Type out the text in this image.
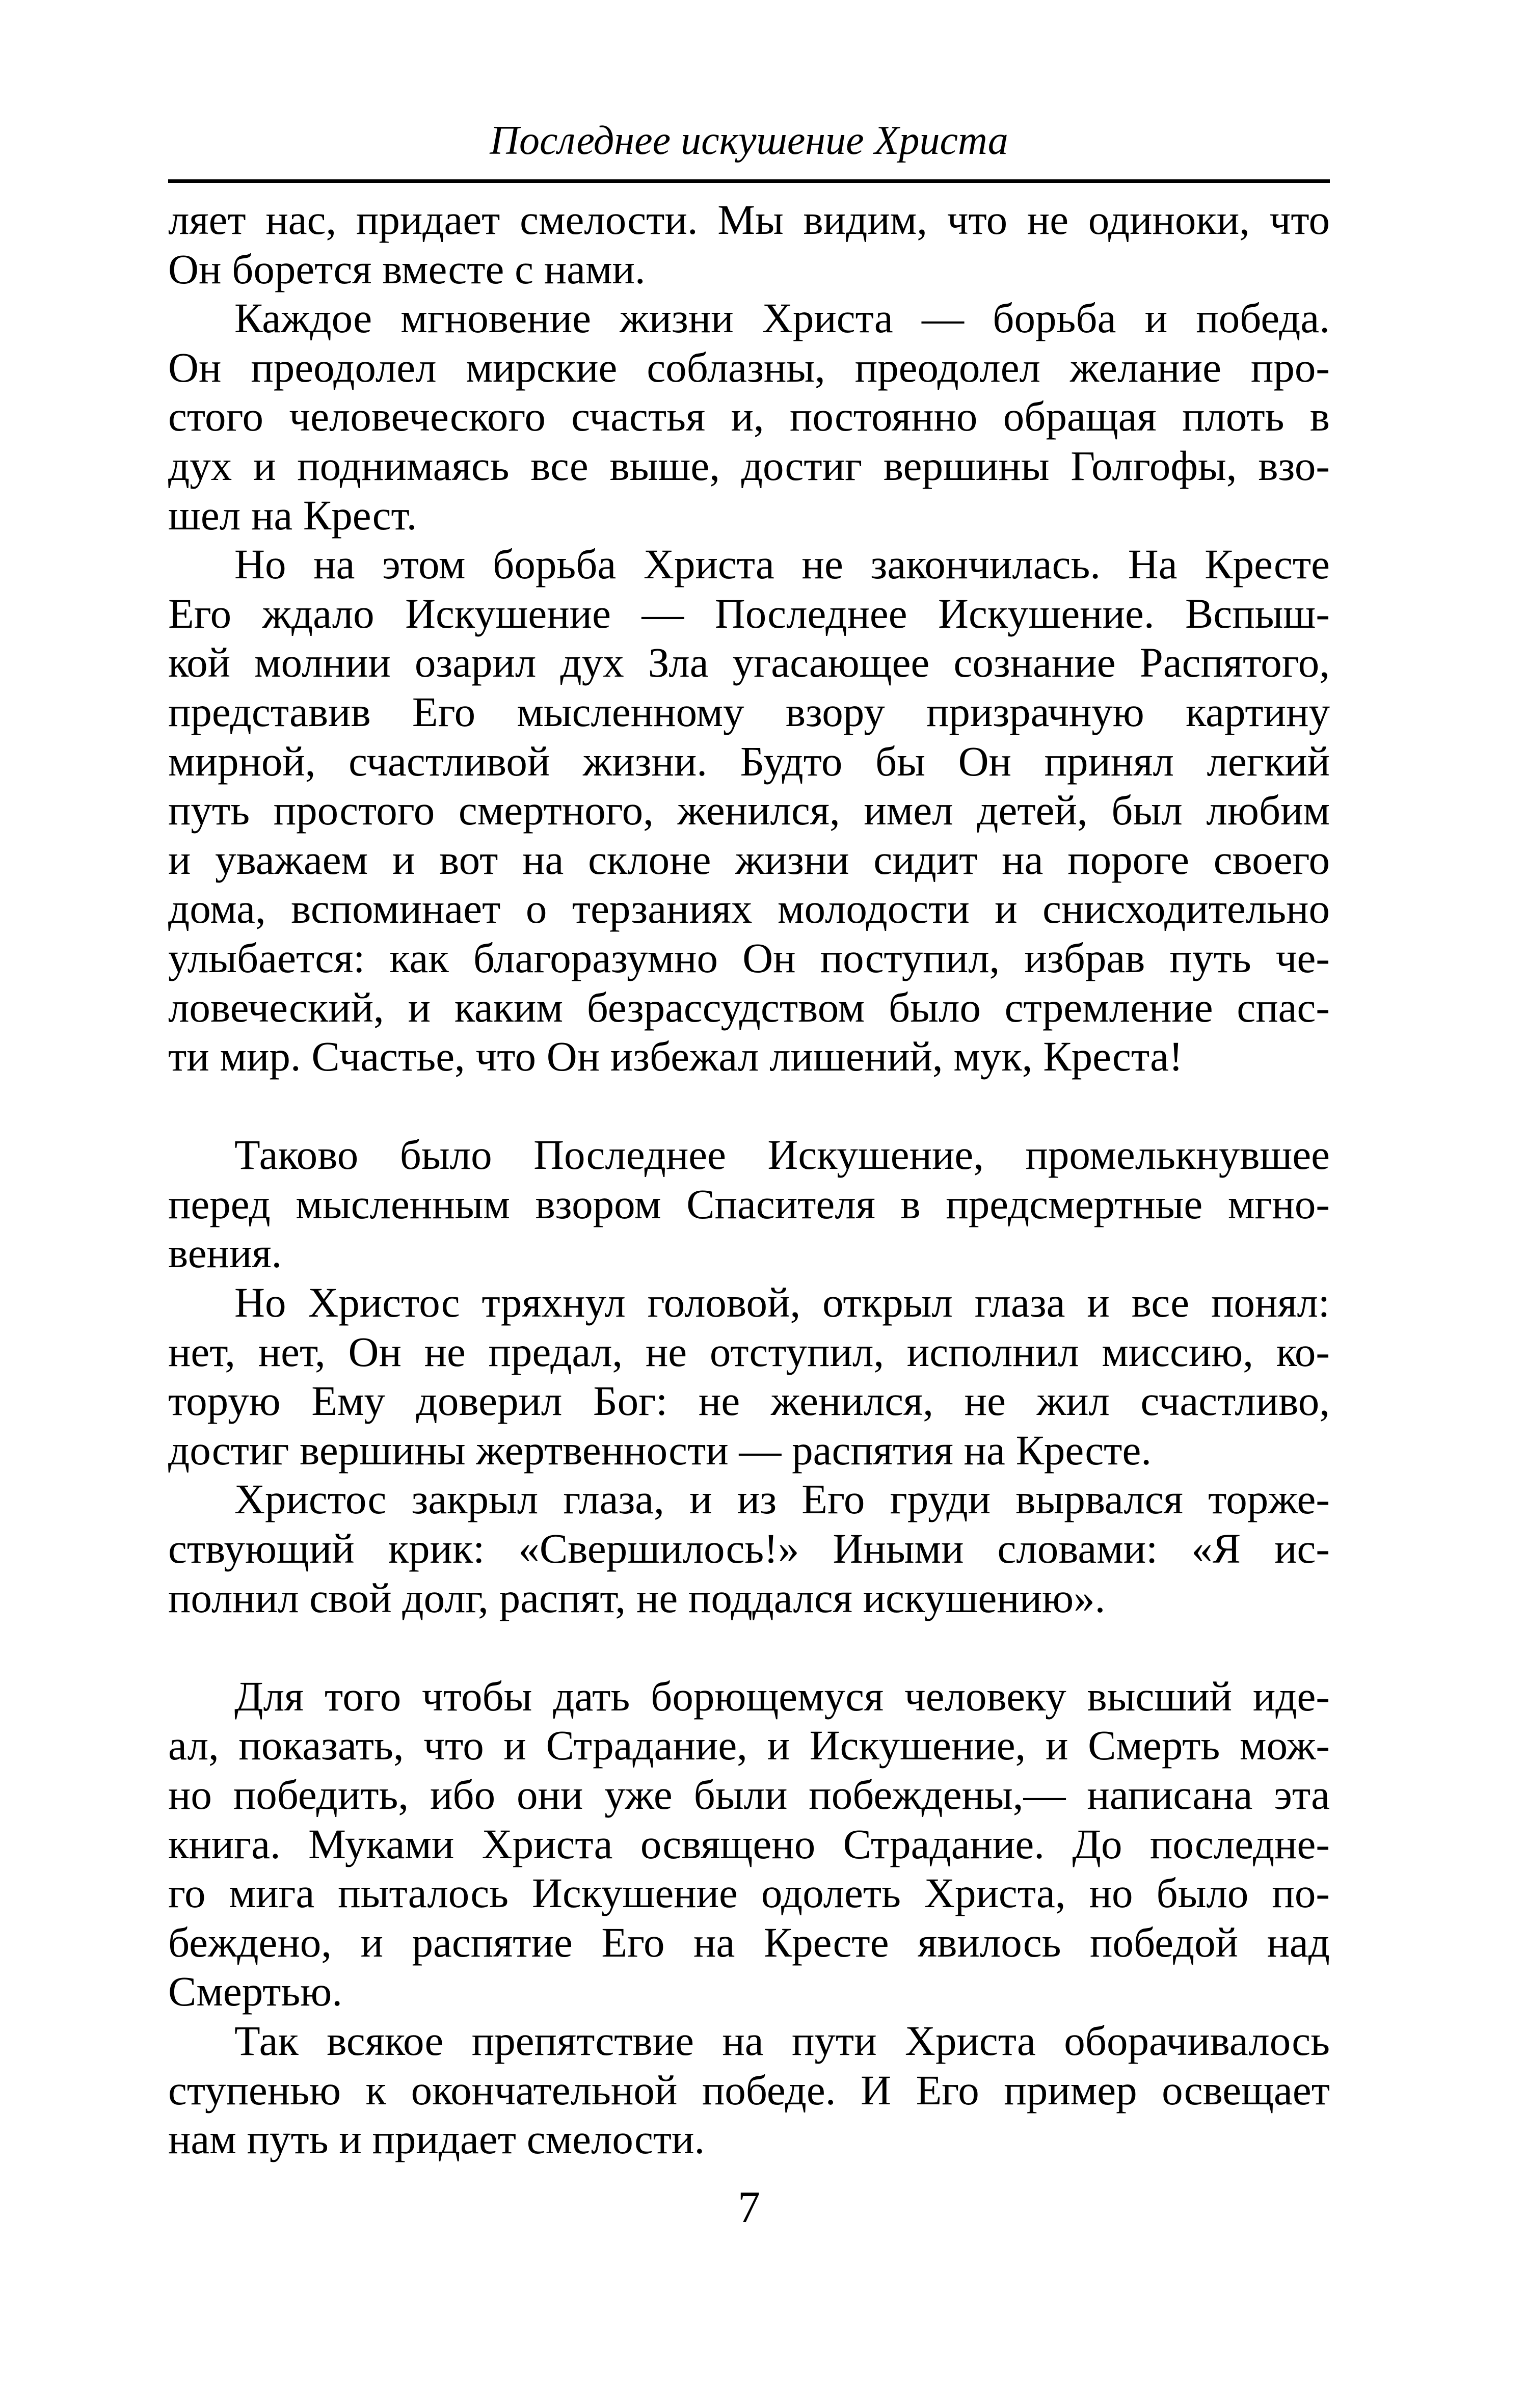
Последнее искушение Христа
ляет нас, придает смелости. Мы видим, что не одиноки, что
Он борется вместе с нами.
Каждое мгновение жизни Христа — борьба и победа.
Он преодолел мирские соблазны, преодолел желание про-
стого человеческого счастья и, постоянно обращая плоть в
дух и поднимаясь все выше, достиг вершины Голгофы, взо-
шел на Крест.
Но на этом борьба Христа не закончилась. На Кресте
Его ждало Искушение — Последнее Искушение. Вспыш-
кой молнии озарил дух Зла угасающее сознание Распятого,
представив Его мысленному взору призрачную картину
мирной, счастливой жизни. Будто бы Он принял легкий
путь простого смертного, женился, имел детей, был любим
и уважаем и вот на склоне жизни сидит на пороге своего
дома, вспоминает о терзаниях молодости и снисходительно
улыбается: как благоразумно Он поступил, избрав путь че-
ловеческий, и каким безрассудством было стремление спас-
ти мир. Счастье, что Он избежал лишений, мук, Креста!
Таково было Последнее Искушение, промелькнувшее
перед мысленным взором Спасителя в предсмертные мгно-
вения.
Но Христос тряхнул головой, открыл глаза и все понял:
нет, нет, Он не предал, не отступил, исполнил миссию, ко-
торую Ему доверил Бог: не женился, не жил счастливо,
достиг вершины жертвенности — распятия на Кресте.
Христос закрыл глаза, и из Его груди вырвался торже-
ствующий крик: «Свершилось!» Иными словами: «Я ис-
полнил свой долг, распят, не поддался искушению».
Для того чтобы дать борющемуся человеку высший иде-
ал, показать, что и Страдание, и Искушение, и Смерть мож-
но победить, ибо они уже были побеждены,— написана эта
книга. Муками Христа освящено Страдание. До последне-
го мига пыталось Искушение одолеть Христа, но было по-
беждено, и распятие Его на Кресте явилось победой над
Смертью.
Так всякое препятствие на пути Христа оборачивалось
ступенью к окончательной победе. И Его пример освещает
нам путь и придает смелости.
7
